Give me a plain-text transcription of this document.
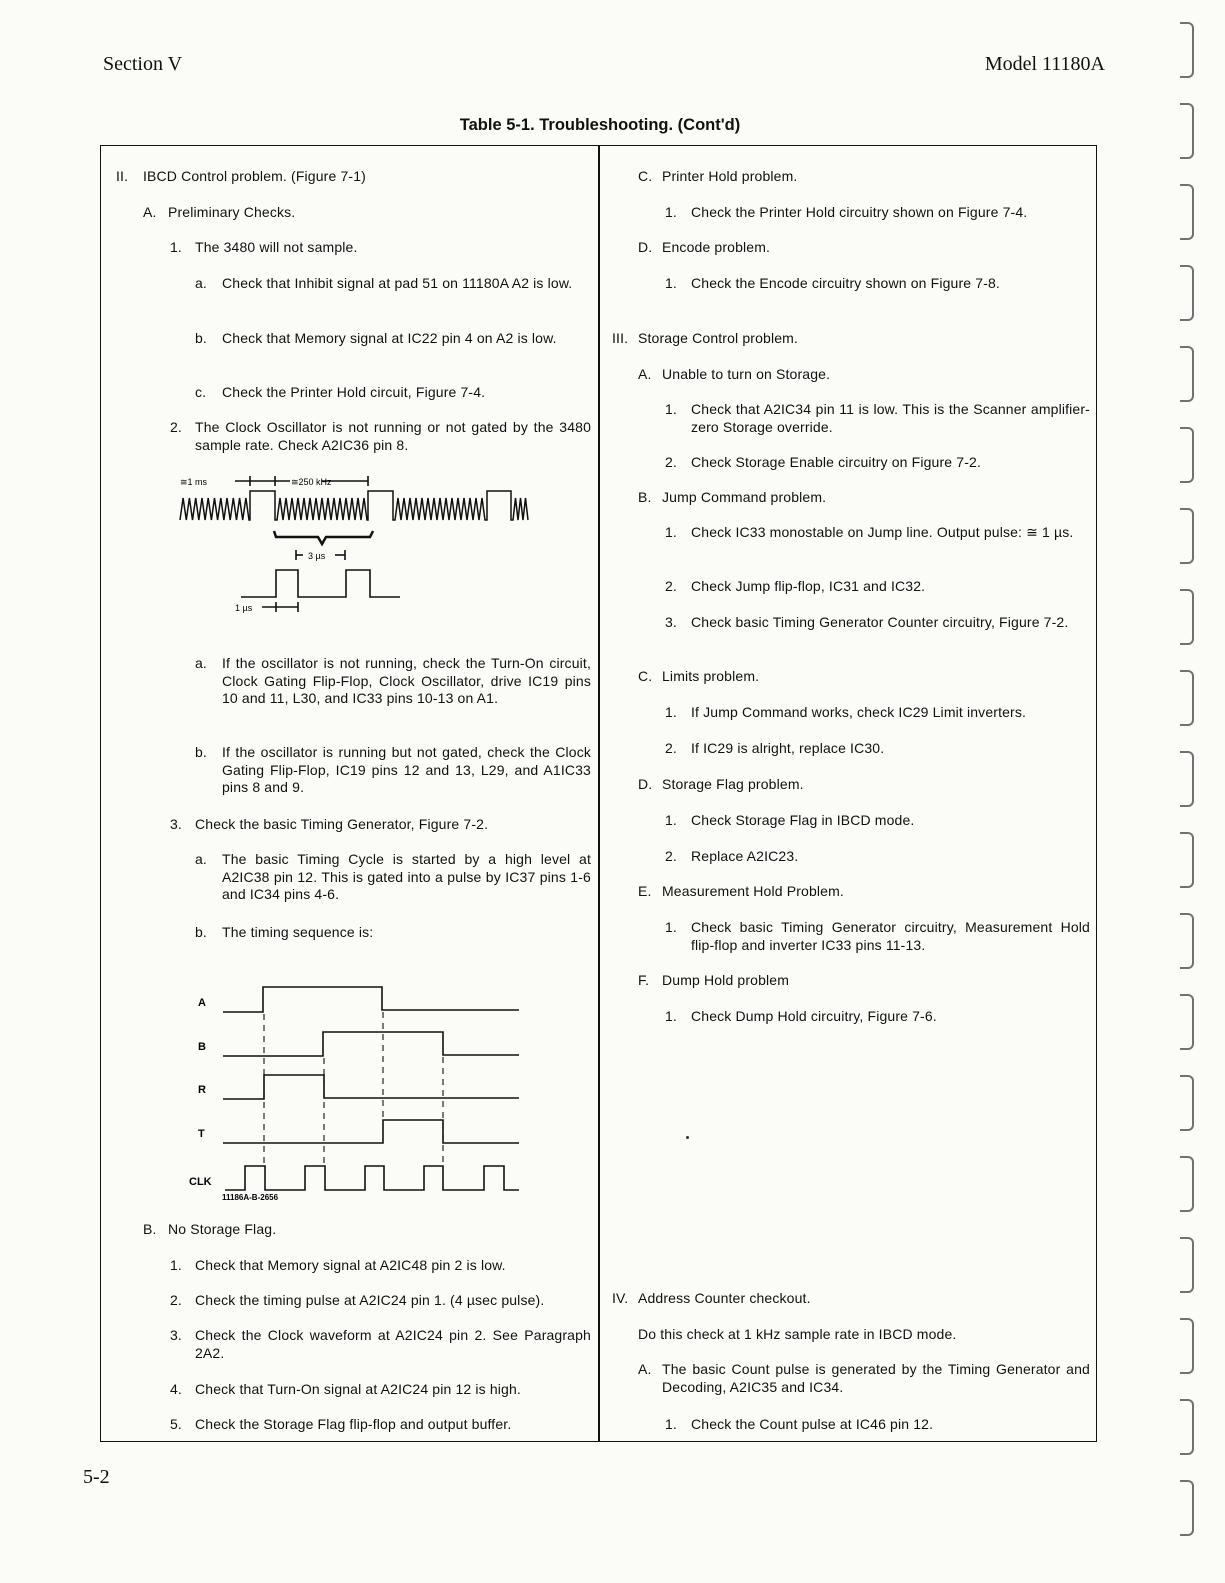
Section V	Model 11180A
Table 5-1. Troubleshooting. (Cont'd)
II. IBCD Control problem. (Figure 7-1)
A. Preliminary Checks.
1. The 3480 will not sample.
a. Check that Inhibit signal at pad 51 on 11180A A2 is low.
b. Check that Memory signal at IC22 pin 4 on A2 is low.
c. Check the Printer Hold circuit, Figure 7-4.
2. The Clock Oscillator is not running or not gated by the 3480 sample rate. Check A2IC36 pin 8.
≅1 ms	≅250 kHz
3 µs
1 µs
a. If the oscillator is not running, check the Turn-On circuit, Clock Gating Flip-Flop, Clock Oscillator, drive IC19 pins 10 and 11, L30, and IC33 pins 10-13 on A1.
b. If the oscillator is running but not gated, check the Clock Gating Flip-Flop, IC19 pins 12 and 13, L29, and A1IC33 pins 8 and 9.
3. Check the basic Timing Generator, Figure 7-2.
a. The basic Timing Cycle is started by a high level at A2IC38 pin 12. This is gated into a pulse by IC37 pins 1-6 and IC34 pins 4-6.
b. The timing sequence is:
A
B
R
T
CLK
11186A-B-2656
B. No Storage Flag.
1. Check that Memory signal at A2IC48 pin 2 is low.
2. Check the timing pulse at A2IC24 pin 1. (4 µsec pulse).
3. Check the Clock waveform at A2IC24 pin 2. See Paragraph 2A2.
4. Check that Turn-On signal at A2IC24 pin 12 is high.
5. Check the Storage Flag flip-flop and output buffer.
C. Printer Hold problem.
1. Check the Printer Hold circuitry shown on Figure 7-4.
D. Encode problem.
1. Check the Encode circuitry shown on Figure 7-8.
III. Storage Control problem.
A. Unable to turn on Storage.
1. Check that A2IC34 pin 11 is low. This is the Scanner amplifier-zero Storage override.
2. Check Storage Enable circuitry on Figure 7-2.
B. Jump Command problem.
1. Check IC33 monostable on Jump line. Output pulse: ≅ 1 µs.
2. Check Jump flip-flop, IC31 and IC32.
3. Check basic Timing Generator Counter circuitry, Figure 7-2.
C. Limits problem.
1. If Jump Command works, check IC29 Limit inverters.
2. If IC29 is alright, replace IC30.
D. Storage Flag problem.
1. Check Storage Flag in IBCD mode.
2. Replace A2IC23.
E. Measurement Hold Problem.
1. Check basic Timing Generator circuitry, Measurement Hold flip-flop and inverter IC33 pins 11-13.
F. Dump Hold problem
1. Check Dump Hold circuitry, Figure 7-6.
IV. Address Counter checkout.
Do this check at 1 kHz sample rate in IBCD mode.
A. The basic Count pulse is generated by the Timing Generator and Decoding, A2IC35 and IC34.
1. Check the Count pulse at IC46 pin 12.
5-2
